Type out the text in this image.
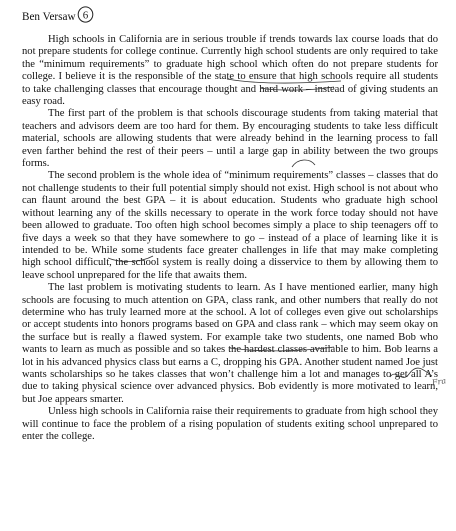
Ben Versaw 6

High schools in California are in serious trouble if trends towards lax course loads that do not prepare students for college continue. Currently high school students are only required to take the “minimum requirements” to graduate high school which often do not prepare students for college. I believe it is the responsible of the state to ensure that high schools require all students to take challenging classes that encourage thought and hard work – instead of giving students an easy road.

The first part of the problem is that schools discourage students from taking material that teachers and advisors deem are too hard for them. By encouraging students to take less difficult material, schools are allowing students that were already behind in the learning process to fall even farther behind the rest of their peers – until a large gap in ability between the two groups forms.

The second problem is the whole idea of “minimum requirements” classes – classes that do not challenge students to their full potential simply should not exist. High school is not about who can flaunt around the best GPA – it is about education. Students who graduate high school without learning any of the skills necessary to operate in the work force today should not have been allowed to graduate. Too often high school becomes simply a place to ship teenagers off to five days a week so that they have somewhere to go – instead of a place of learning like it is intended to be. While some students face greater challenges in life that may make completing high school difficult, the school system is really doing a disservice to them by allowing them to leave school unprepared for the life that awaits them.

The last problem is motivating students to learn. As I have mentioned earlier, many high schools are focusing to much attention on GPA, class rank, and other numbers that really do not determine who has truly learned more at the school. A lot of colleges even give out scholarships or accept students into honors programs based on GPA and class rank – which may seem okay on the surface but is really a flawed system. For example take two students, one named Bob who wants to learn as much as possible and so takes the hardest classes available to him. Bob learns a lot in his advanced physics class but earns a C, dropping his GPA. Another student named Joe just wants scholarships so he takes classes that won’t challenge him a lot and manages to get all A’s due to taking physical science over advanced physics. Bob evidently is more motivated to learn, but Joe appears smarter.

Unless high schools in California raise their requirements to graduate from high school they will continue to face the problem of a rising population of students exiting school unprepared to enter the college.

Fra
